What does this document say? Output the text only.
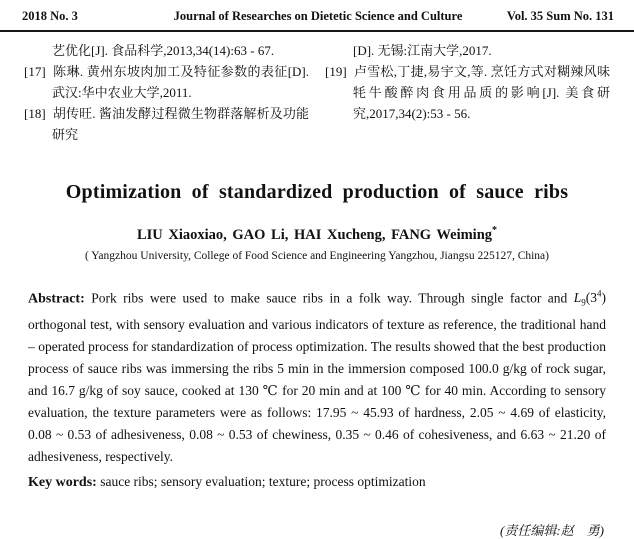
2018 No. 3	Journal of Researches on Dietetic Science and Culture	Vol. 35 Sum No. 131

艺优化[J]. 食品科学,2013,34(14):63 - 67.

[17] 陈琳. 黄州东坡肉加工及特征参数的表征[D]. 武汉:华中农业大学,2011.

[18] 胡传旺. 酱油发酵过程微生物群落解析及功能研究

[D]. 无锡:江南大学,2017.

[19] 卢雪松,丁捷,易宇文,等. 烹饪方式对糊辣风味牦牛酸醉肉食用品质的影响[J]. 美食研究,2017,34(2):53 - 56.

Optimization of standardized production of sauce ribs

LIU Xiaoxiao, GAO Li, HAI Xucheng, FANG Weiming*

( Yangzhou University, College of Food Science and Engineering Yangzhou, Jiangsu 225127, China)

Abstract: Pork ribs were used to make sauce ribs in a folk way. Through single factor and $L_9(3^4)$ orthogonal test, with sensory evaluation and various indicators of texture as reference, the traditional hand – operated process for standardization of process optimization. The results showed that the best production process of sauce ribs was immersing the ribs 5 min in the immersion composed 100.0 g/kg of rock sugar, and 16.7 g/kg of soy sauce, cooked at 130 ℃ for 20 min and at 100 ℃ for 40 min. According to sensory evaluation, the texture parameters were as follows: 17.95 ~ 45.93 of hardness, 2.05 ~ 4.69 of elasticity, 0.08 ~ 0.53 of adhesiveness, 0.08 ~ 0.53 of chewiness, 0.35 ~ 0.46 of cohesiveness, and 6.63 ~ 21.20 of adhesiveness, respectively.

Key words: sauce ribs; sensory evaluation; texture; process optimization

(责任编辑:赵　勇)
